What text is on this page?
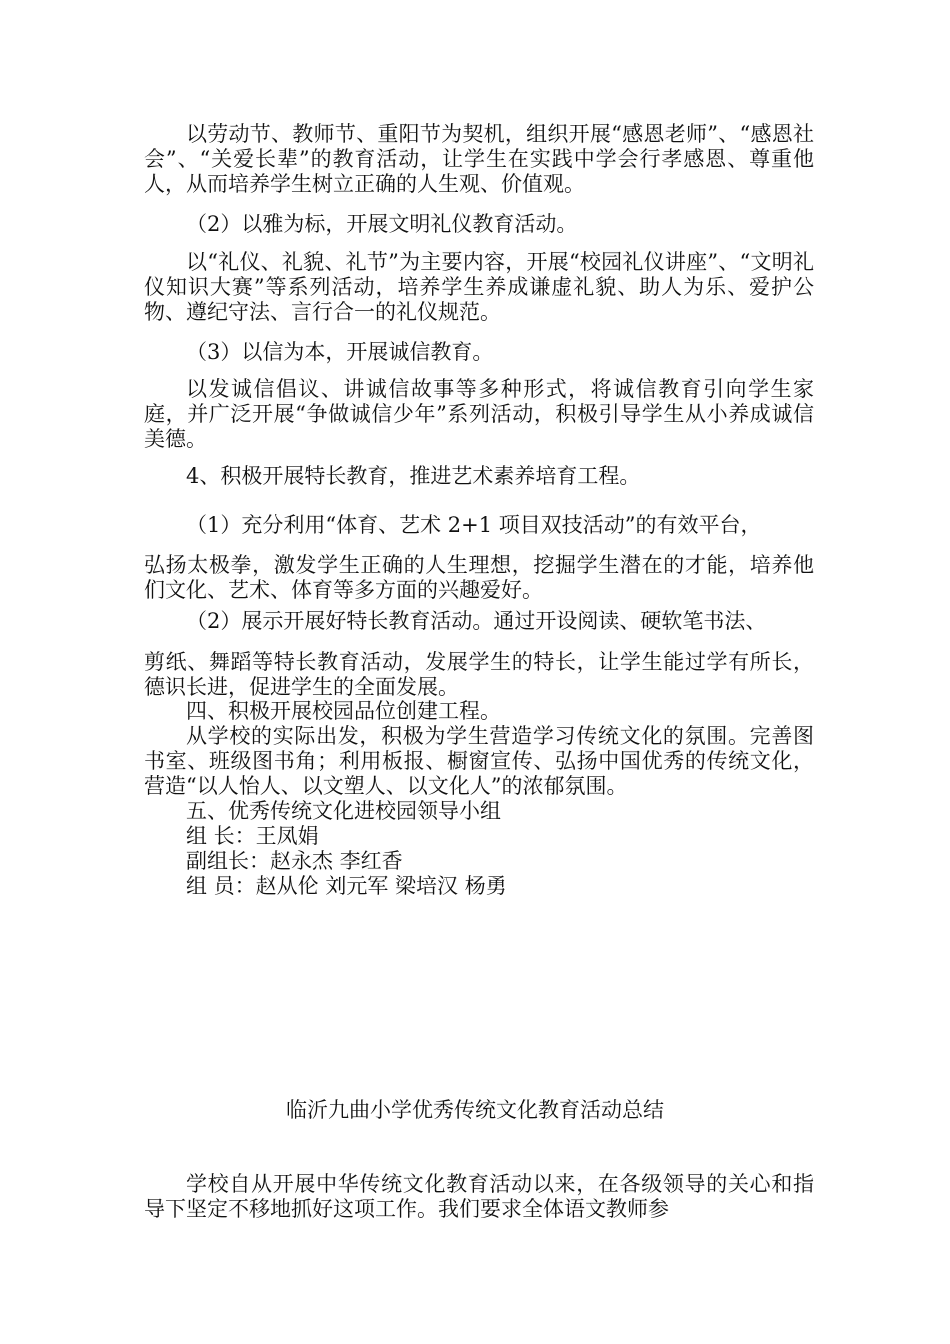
以劳动节、教师节、重阳节为契机，组织开展“感恩老师”、“感恩社会”、“关爱长辈”的教育活动，让学生在实践中学会行孝感恩、尊重他人，从而培养学生树立正确的人生观、价值观。

（2）以雅为标，开展文明礼仪教育活动。

以“礼仪、礼貌、礼节”为主要内容，开展“校园礼仪讲座”、“文明礼仪知识大赛”等系列活动，培养学生养成谦虚礼貌、助人为乐、爱护公物、遵纪守法、言行合一的礼仪规范。

（3）以信为本，开展诚信教育。

以发诚信倡议、讲诚信故事等多种形式，将诚信教育引向学生家庭，并广泛开展“争做诚信少年”系列活动，积极引导学生从小养成诚信美德。

4、积极开展特长教育，推进艺术素养培育工程。
（1）充分利用“体育、艺术 2+1 项目双技活动”的有效平台，

弘扬太极拳，激发学生正确的人生理想，挖掘学生潜在的才能，培养他们文化、艺术、体育等多方面的兴趣爱好。

（2）展示开展好特长教育活动。通过开设阅读、硬软笔书法、

剪纸、舞蹈等特长教育活动，发展学生的特长，让学生能过学有所长，德识长进，促进学生的全面发展。

四、积极开展校园品位创建工程。

从学校的实际出发，积极为学生营造学习传统文化的氛围。完善图书室、班级图书角；利用板报、橱窗宣传、弘扬中国优秀的传统文化，营造“以人怡人、以文塑人、以文化人”的浓郁氛围。

五、优秀传统文化进校园领导小组
组 长：王凤娟
副组长：赵永杰 李红香
组 员：赵从伦 刘元军 梁培汉 杨勇
临沂九曲小学优秀传统文化教育活动总结

学校自从开展中华传统文化教育活动以来，在各级领导的关心和指导下坚定不移地抓好这项工作。我们要求全体语文教师参
